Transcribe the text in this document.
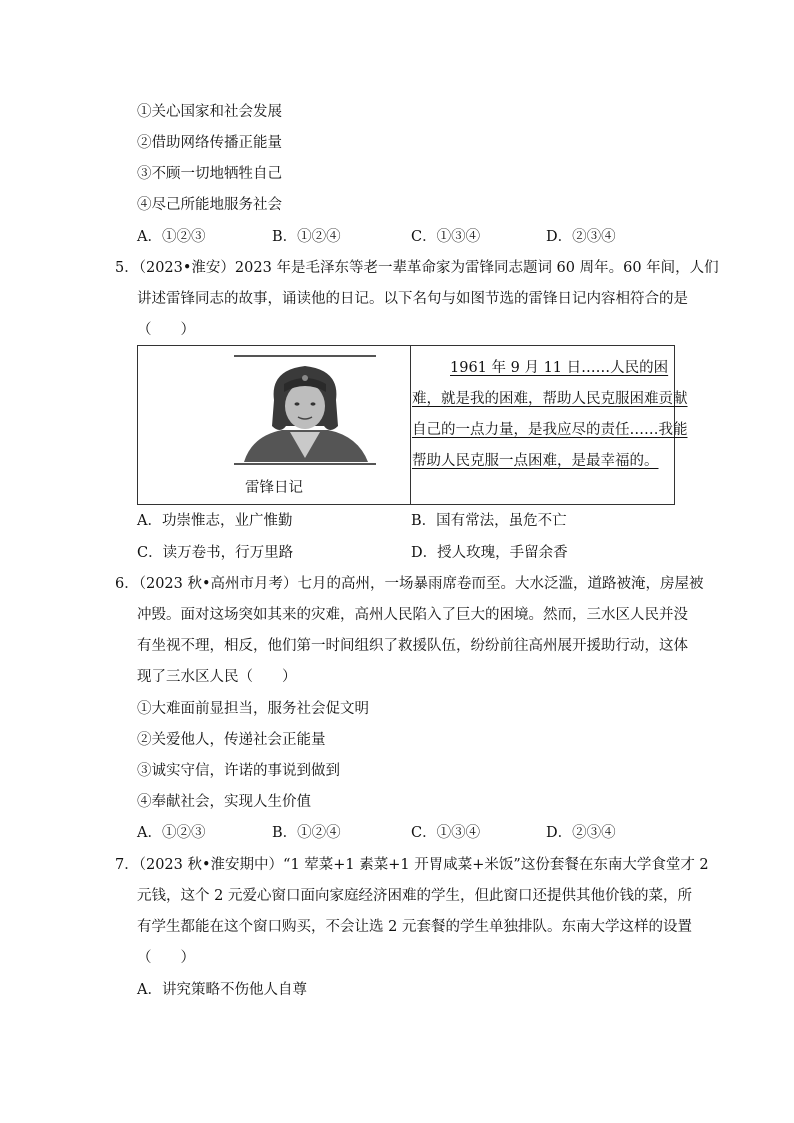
①关心国家和社会发展
②借助网络传播正能量
③不顾一切地牺牲自己
④尽己所能地服务社会
A．①②③	B．①②④	C．①③④	D．②③④
5．（2023•淮安）2023 年是毛泽东等老一辈革命家为雷锋同志题词 60 周年。60 年间，人们
讲述雷锋同志的故事，诵读他的日记。以下名句与如图节选的雷锋日记内容相符合的是
（　　）
雷锋日记
1961 年 9 月 11 日……人民的困
难，就是我的困难，帮助人民克服困难贡献
自己的一点力量，是我应尽的责任……我能
帮助人民克服一点困难，是最幸福的。
A．功崇惟志，业广惟勤	B．国有常法，虽危不亡
C．读万卷书，行万里路	D．授人玫瑰，手留余香
6．（2023 秋•高州市月考）七月的高州，一场暴雨席卷而至。大水泛滥，道路被淹，房屋被
冲毁。面对这场突如其来的灾难，高州人民陷入了巨大的困境。然而，三水区人民并没
有坐视不理，相反，他们第一时间组织了救援队伍，纷纷前往高州展开援助行动，这体
现了三水区人民（　　）
①大难面前显担当，服务社会促文明
②关爱他人，传递社会正能量
③诚实守信，许诺的事说到做到
④奉献社会，实现人生价值
A．①②③	B．①②④	C．①③④	D．②③④
7．（2023 秋•淮安期中）“1 荤菜+1 素菜+1 开胃咸菜+米饭”这份套餐在东南大学食堂才 2
元钱，这个 2 元爱心窗口面向家庭经济困难的学生，但此窗口还提供其他价钱的菜，所
有学生都能在这个窗口购买，不会让选 2 元套餐的学生单独排队。东南大学这样的设置
（　　）
A．讲究策略不伤他人自尊
